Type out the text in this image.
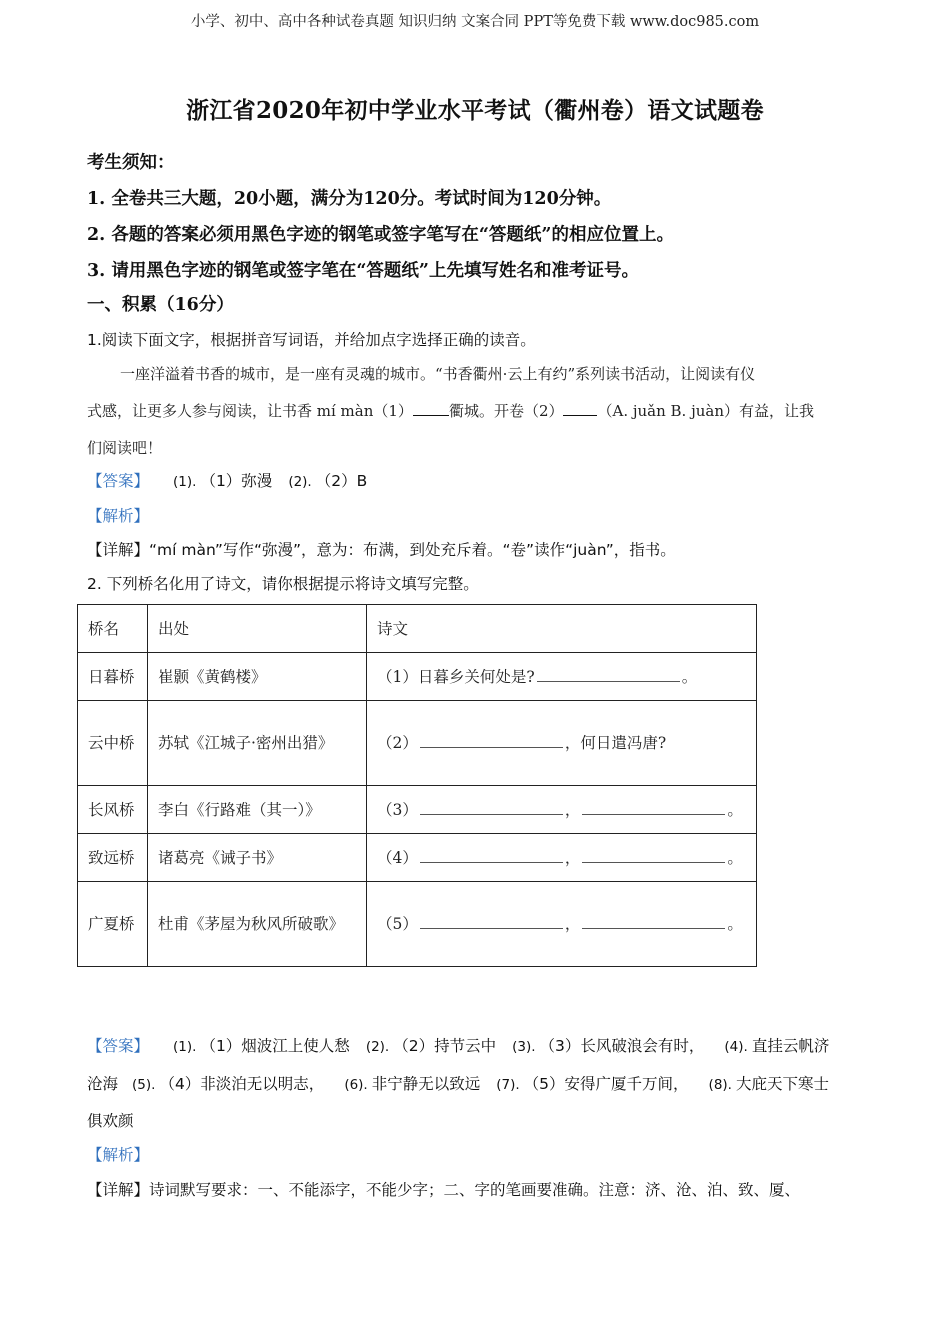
小学、初中、高中各种试卷真题 知识归纳 文案合同 PPT等免费下载 www.doc985.com
浙江省2020年初中学业水平考试（衢州卷）语文试题卷
考生须知：
1. 全卷共三大题，20小题，满分为120分。考试时间为120分钟。
2. 各题的答案必须用黑色字迹的钢笔或签字笔写在“答题纸”的相应位置上。
3. 请用黑色字迹的钢笔或签字笔在“答题纸”上先填写姓名和准考证号。
一、积累（16分）
1.阅读下面文字，根据拼音写词语，并给加点字选择正确的读音。
一座洋溢着书香的城市，是一座有灵魂的城市。“书香衢州·云上有约”系列读书活动，让阅读有仪
式感，让更多人参与阅读，让书香 mí màn（1） 衢城。开卷（2） （A. juǎn B. juàn）有益，让我
们阅读吧！
【答案】 (1). （1）弥漫 (2). （2）B
【解析】
【详解】“mí màn”写作“弥漫”，意为：布满，到处充斥着。“卷”读作“juàn”，指书。
2. 下列桥名化用了诗文，请你根据提示将诗文填写完整。
桥名	出处	诗文
日暮桥	崔颢《黄鹤楼》	（1）日暮乡关何处是? 。
云中桥	苏轼《江城子·密州出猎》	（2） ，何日遣冯唐?
长风桥	李白《行路难（其一）》	（3） ， 。
致远桥	诸葛亮《诫子书》	（4） ， 。
广夏桥	杜甫《茅屋为秋风所破歌》	（5） ， 。
【答案】 (1). （1）烟波江上使人愁 (2). （2）持节云中 (3). （3）长风破浪会有时， (4). 直挂云帆济
沧海 (5). （4）非淡泊无以明志， (6). 非宁静无以致远 (7). （5）安得广厦千万间， (8). 大庇天下寒士
俱欢颜
【解析】
【详解】诗词默写要求：一、不能添字，不能少字；二、字的笔画要准确。注意：济、沧、泊、致、厦、
